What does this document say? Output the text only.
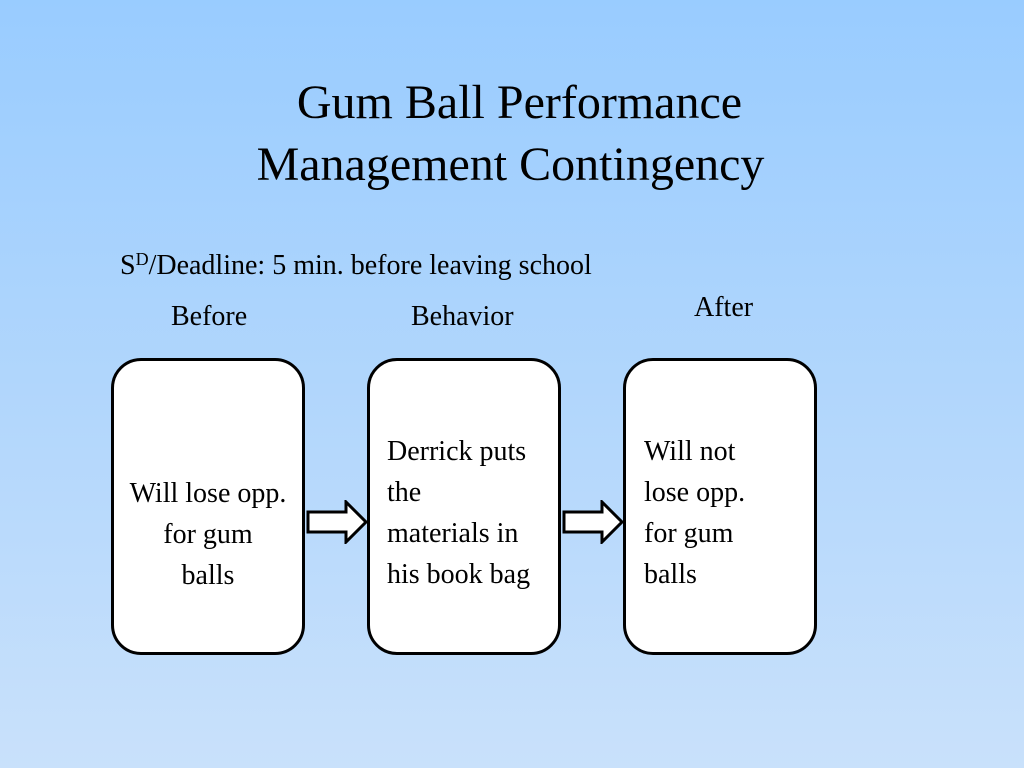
Gum Ball Performance
Management Contingency
$S^D$/Deadline: 5 min. before leaving school
Before	Behavior	After
Will lose opp.
for gum
balls
Derrick puts
the
materials in
his book bag
Will not
lose opp.
for gum
balls
